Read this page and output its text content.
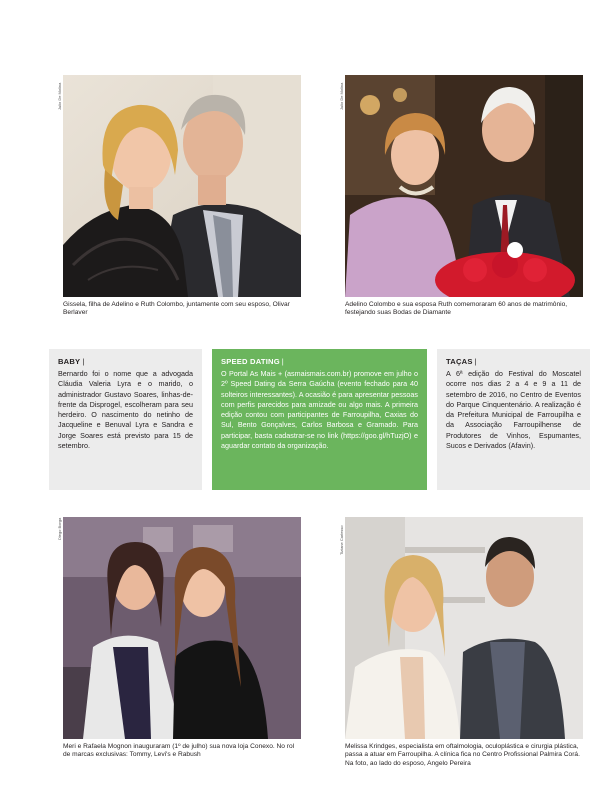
Julio De Molina
Gissela, filha de Adelino e Ruth Colombo, juntamente com seu esposo, Olivar Berlaver
Julio De Molina
Adelino Colombo e sua esposa Ruth comemoraram 60 anos de matrimônio, festejando suas Bodas de Diamante
BABY |

Bernardo foi o nome que a advogada Cláudia Valeria Lyra e o marido, o administrador Gustavo Soares, linhas-de-frente da Disprogel, escolheram para seu herdeiro. O nascimento do netinho de Jacqueline e Benuval Lyra e Sandra e Jorge Soares está previsto para 15 de setembro.

SPEED DATING |

O Portal As Mais + (asmaismais.com.br) promove em julho o 2º Speed Dating da Serra Gaúcha (evento fechado para 40 solteiros interessantes). A ocasião é para apresentar pessoas com perfis parecidos para amizade ou algo mais. A primeira edição contou com participantes de Farroupilha, Caxias do Sul, Bento Gonçalves, Carlos Barbosa e Gramado. Para participar, basta cadastrar-se no link (https://goo.gl/hTuzjO) e aguardar contato da organização.

TAÇAS |

A 6ª edição do Festival do Moscatel ocorre nos dias 2 a 4 e 9 a 11 de setembro de 2016, no Centro de Eventos do Parque Cinquentenário. A realização é da Prefeitura Municipal de Farroupilha e da Associação Farroupilhense de Produtores de Vinhos, Espumantes, Sucos e Derivados (Afavin).

Diego Borga
Meri e Rafaela Mognon inauguraram (1º de julho) sua nova loja Conexo. No rol de marcas exclusivas: Tommy, Levi's e Rabush
Tiziane Carlesso
Melissa Krindges, especialista em oftalmologia, oculoplástica e cirurgia plástica, passa a atuar em Farroupilha. A clínica fica no Centro Profissional Palmira Corá. Na foto, ao lado do esposo, Angelo Pereira
